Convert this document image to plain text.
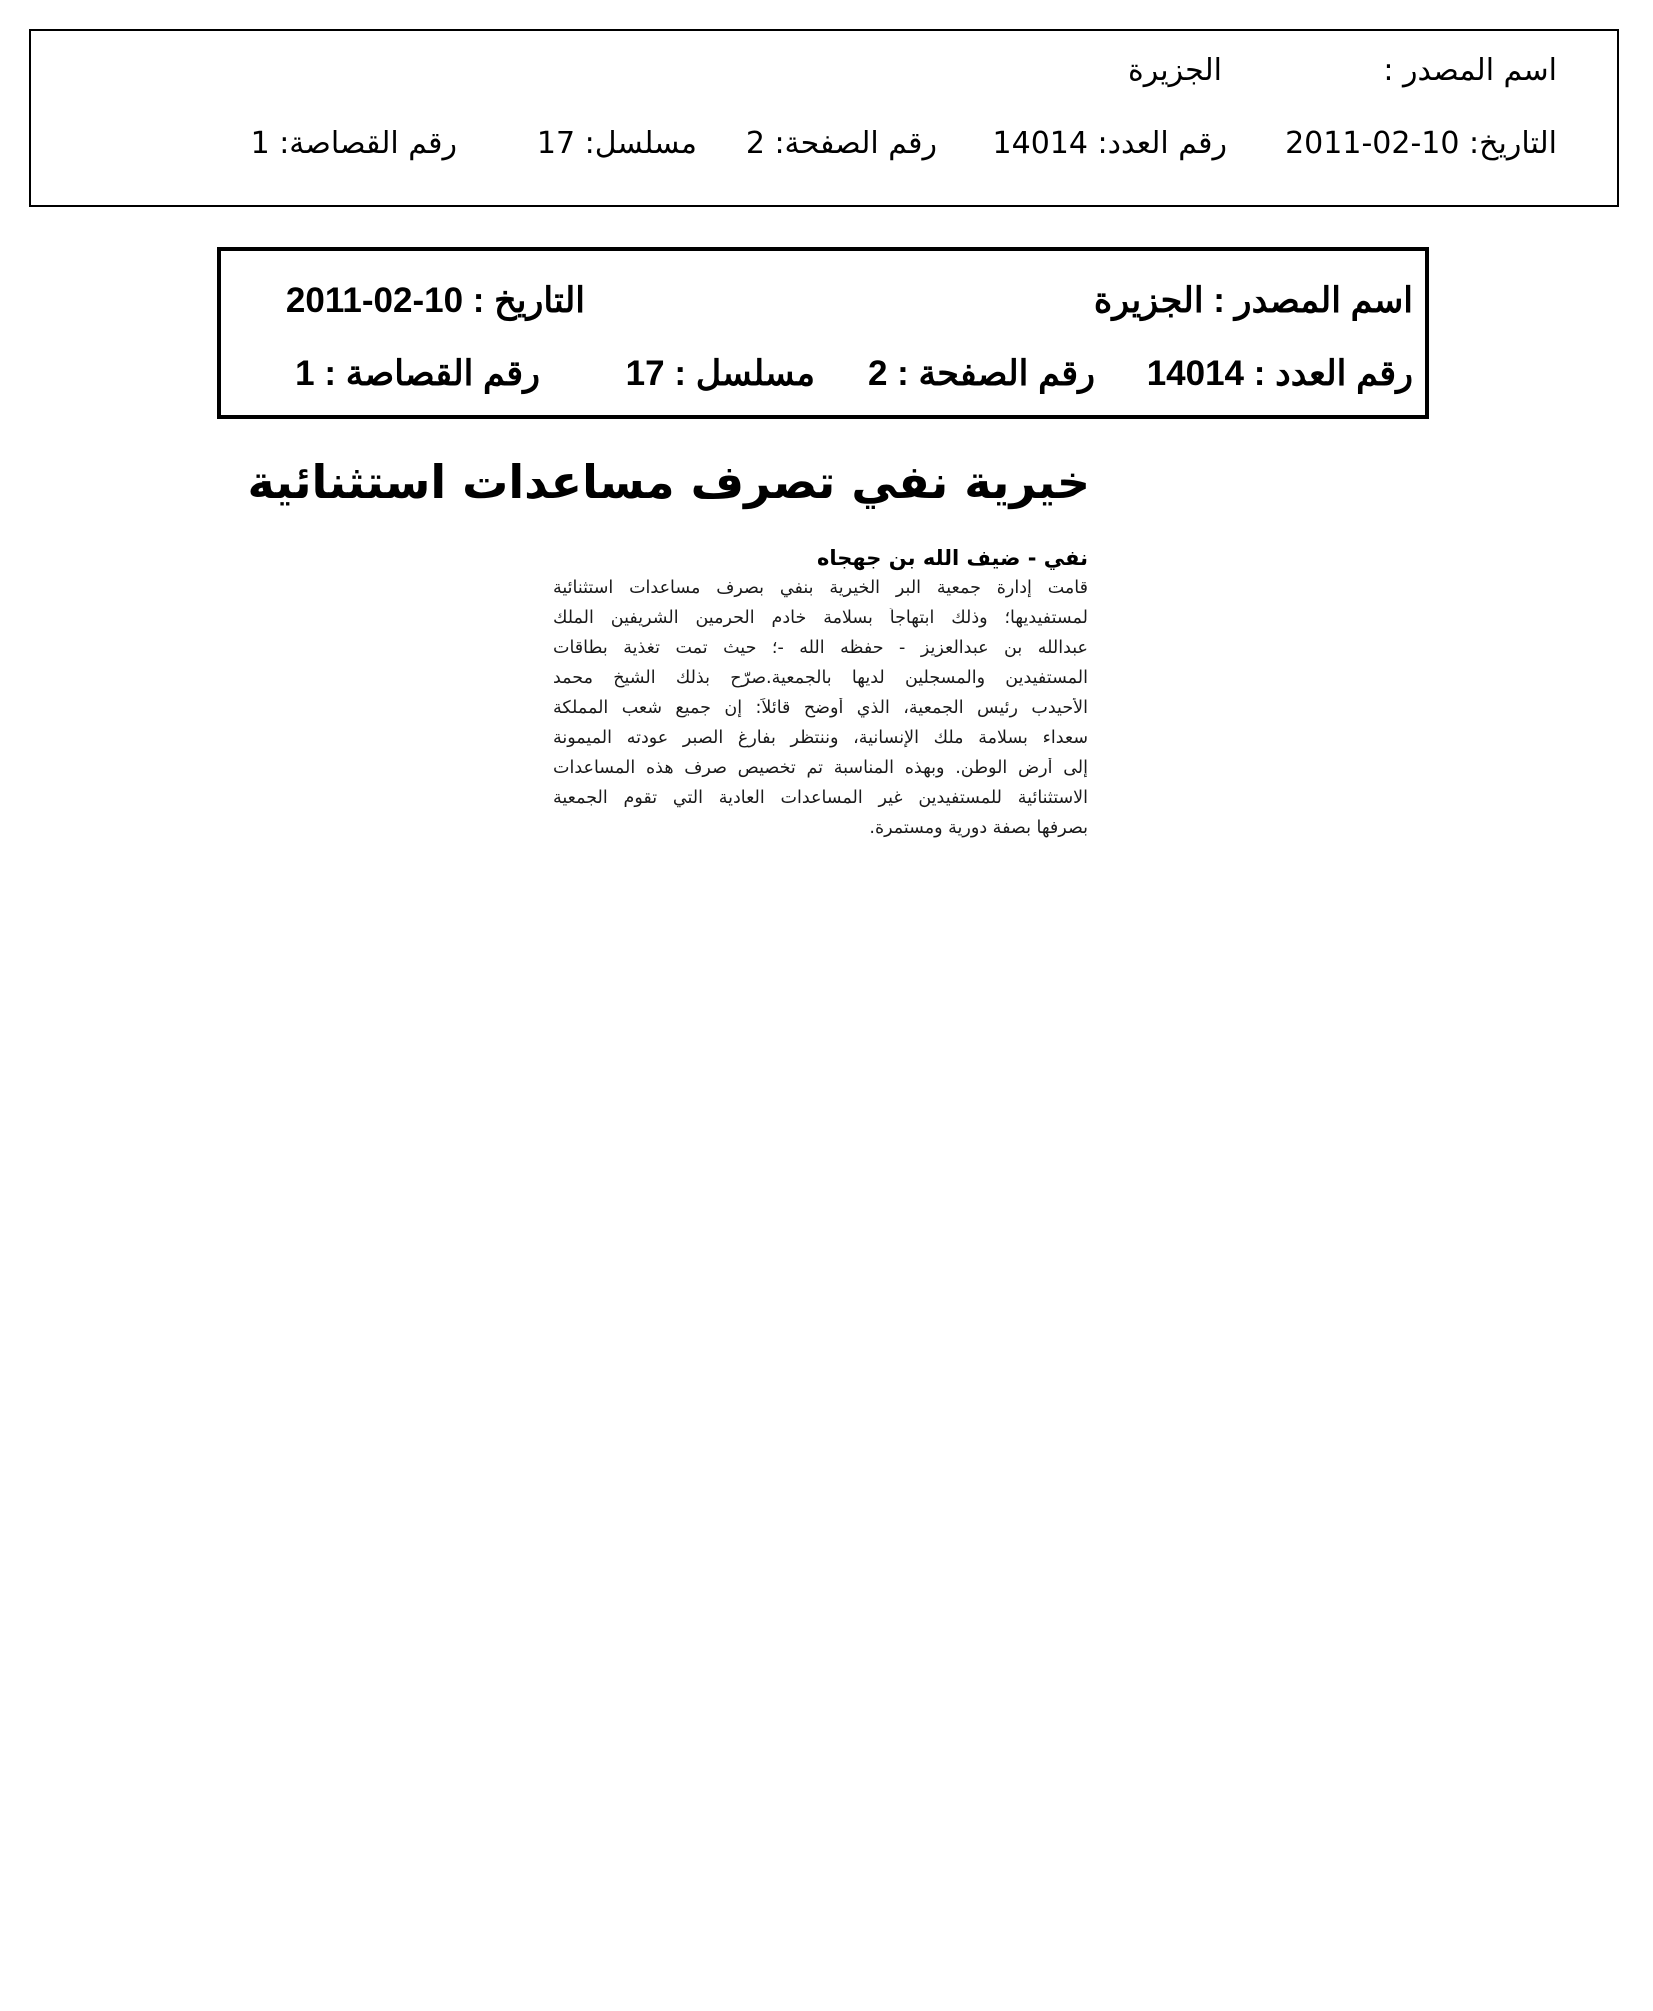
اسم المصدر :
الجزيرة
التاريخ: 10-02-2011
رقم العدد: 14014
رقم الصفحة: 2
مسلسل: 17
رقم القصاصة: 1
اسم المصدر : الجزيرة
التاريخ : 10-02-2011
رقم العدد : 14014
رقم الصفحة : 2
مسلسل : 17
رقم القصاصة : 1
خيرية نفي تصرف مساعدات استثنائية
نفي - ضيف الله بن جهجاه
قامت إدارة جمعية البر الخيرية بنفي بصرف مساعدات استثنائية
لمستفيديها؛ وذلك ابتهاجاً بسلامة خادم الحرمين الشريفين الملك
عبدالله بن عبدالعزيز - حفظه الله -؛ حيث تمت تغذية بطاقات
المستفيدين والمسجلين لديها بالجمعية.صرّح بذلك الشيخ محمد
الأحيدب رئيس الجمعية، الذي أوضح قائلاً: إن جميع شعب المملكة
سعداء بسلامة ملك الإنسانية، وننتظر بفارغ الصبر عودته الميمونة
إلى أرض الوطن. وبهذه المناسبة تم تخصيص صرف هذه المساعدات
الاستثنائية للمستفيدين غير المساعدات العادية التي تقوم الجمعية
بصرفها بصفة دورية ومستمرة.
